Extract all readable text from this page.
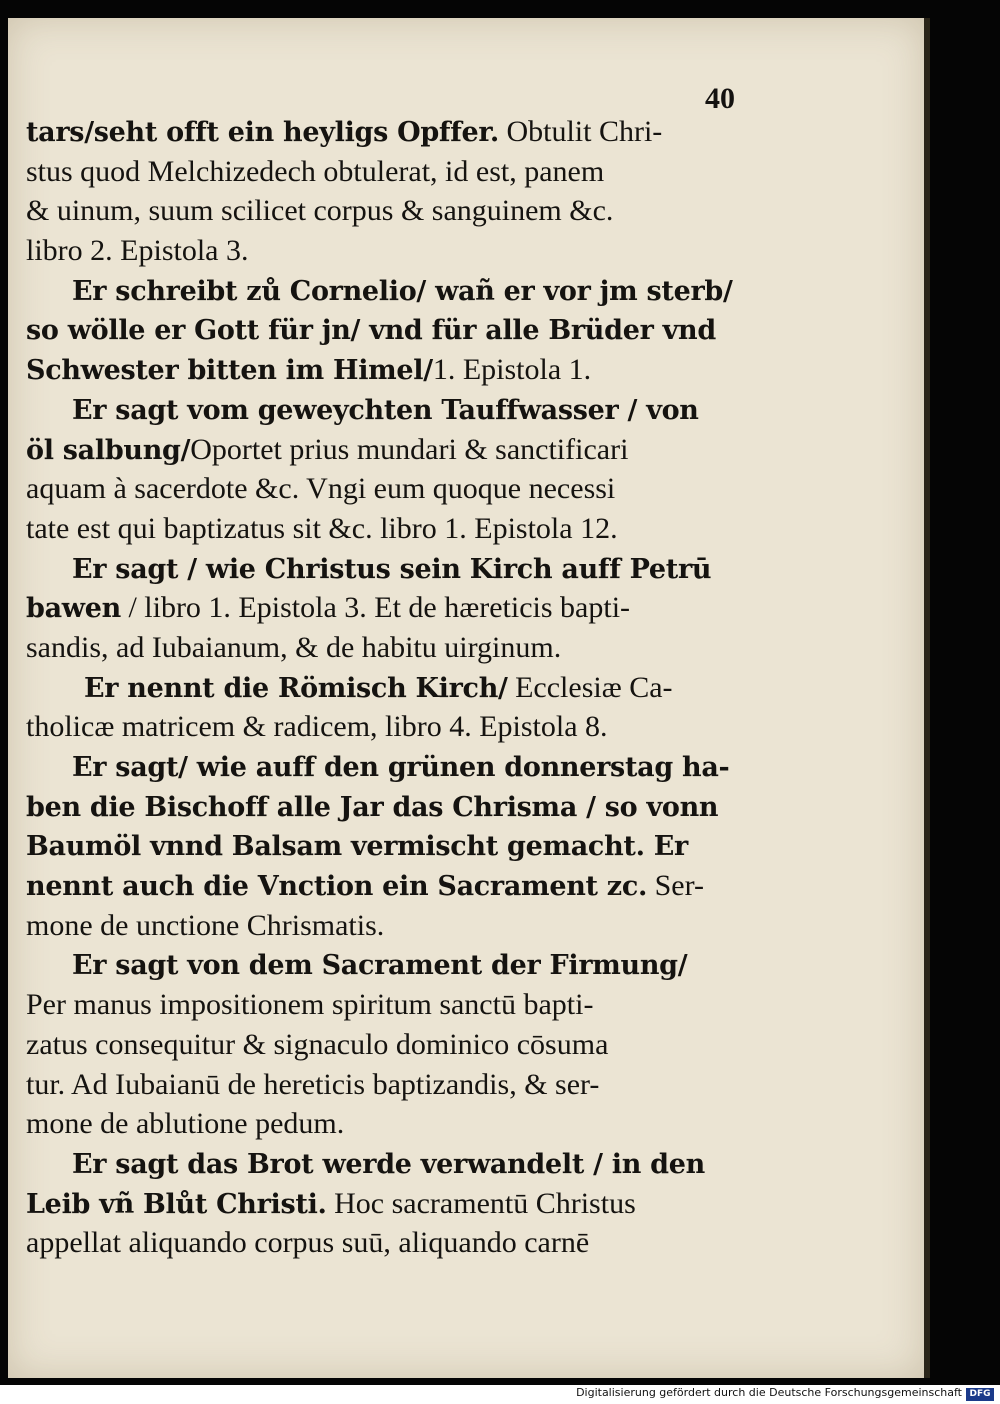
40
tars/seht offt ein heyligs Opffer. Obtulit Chri-
stus quod Melchizedech obtulerat, id est, panem
& uinum, suum scilicet corpus & sanguinem &c.
libro 2. Epistola 3.
Er schreibt zů Cornelio/ wañ er vor jm sterb/
so wölle er Gott für jn/ vnd für alle Brüder vnd
Schwester bitten im Himel/1. Epistola 1.
Er sagt vom geweychten Tauffwasser / von
öl salbung/Oportet prius mundari & sanctificari
aquam à sacerdote &c. Vngi eum quoque necessi
tate est qui baptizatus sit &c. libro 1. Epistola 12.
Er sagt / wie Christus sein Kirch auff Petrū
bawen / libro 1. Epistola 3. Et de hæreticis bapti-
sandis, ad Iubaianum, & de habitu uirginum.
Er nennt die Römisch Kirch/ Ecclesiæ Ca-
tholicæ matricem & radicem, libro 4. Epistola 8.
Er sagt/ wie auff den grünen donnerstag ha-
ben die Bischoff alle Jar das Chrisma / so vonn
Baumöl vnnd Balsam vermischt gemacht. Er
nennt auch die Vnction ein Sacrament zc. Ser-
mone de unctione Chrismatis.
Er sagt von dem Sacrament der Firmung/
Per manus impositionem spiritum sanctū bapti-
zatus consequitur & signaculo dominico cōsuma
tur. Ad Iubaianū de hereticis baptizandis, & ser-
mone de ablutione pedum.
Er sagt das Brot werde verwandelt / in den
Leib vñ Blůt Christi. Hoc sacramentū Christus
appellat aliquando corpus suū, aliquando carnē
Digitalisierung gefördert durch die Deutsche Forschungsgemeinschaft DFG
